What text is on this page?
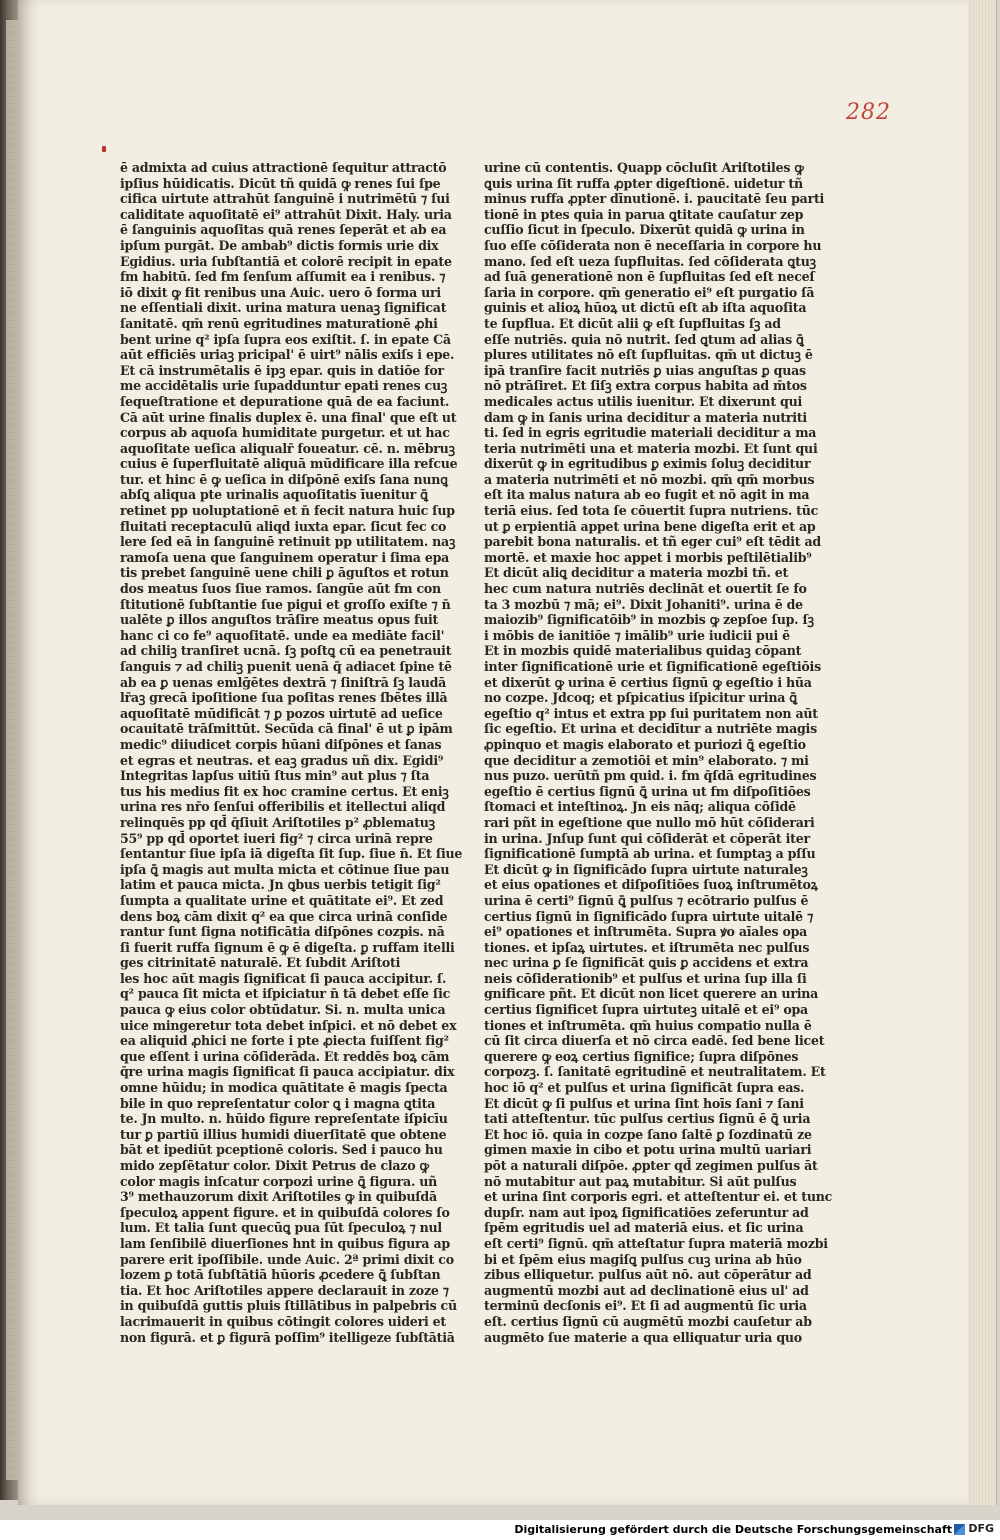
282
ē admixta ad cuius attractionē ſequitur attractō
ipſius hūidicatis. Dicūt tñ quidā ꝙ renes ſui ſpe
cifica uirtute attrahūt ſanguinē i nutrimētū ⁊ ſui
caliditate aquoſitatē ei⁹ attrahūt Dixit. Haly. uria
ē ſanguinis aquoſitas quā renes ſeperāt et ab ea
ipſum purgāt. De ambab⁹ dictis formis urie dix
Egidius. uria ſubſtantiā et colorē recipit in epate
fm habitū. ſed fm ſenſum aſſumit ea i renibus. ⁊
iō dixit ꝙ fit renibus una Auic. uero ō forma uri
ne eſſentiali dixit. urina matura uenaꝫ ſignificat
ſanitatē. qm̄ renū egritudines maturationē ꝓhi
bent urine q² ipſa ſupra eos exiſtit. ſ. in epate Cā
aūt efficiēs uriaꝫ pricipal' ē uirt⁹ nālis exiſs i epe.
Et cā instrumētalis ē ipꝫ epar. quis in datiōe for
me accidētalis urie ſupadduntur epati renes cuꝫ
ſequeſtratione et depuratione quā de ea faciunt.
Cā aūt urine finalis duplex ē. una final' que eſt ut
corpus ab aquoſa humiditate purgetur. et ut hac
aquoſitate ueſica aliqualr̄ foueatur. cē. n. mēbruꝫ
cuius ē ſuperfluitatē aliquā mūdificare illa refcue
tur. et hinc ē ꝙ ueſica in diſpōnē exiſs ſana nunꝗ
abſꝗ aliqua pte urinalis aquoſitatis īuenitur ꝗ̄
retinet pp uoluptationē et n̄ fecit natura huic ſup
fluitati receptaculū aliqd iuxta epar. ſicut fec co
lere ſed eā in ſanguinē retinuit pp utilitatem. naꝫ
ramoſa uena que ſanguinem operatur i ſima epa
tis prebet ſanguinē uene chili ꝑ āguſtos et rotun
dos meatus ſuos ſiue ramos. ſangūe aūt fm con
ſtitutionē ſubſtantie ſue pigui et groſſo exiſte ⁊ n̄
ualēte ꝑ illos anguſtos trāſire meatus opus fuit
hanc ci co fe⁹ aquoſitatē. unde ea mediāte facil'
ad chiliꝫ tranſiret ucnā. ſꝫ poſtꝗ cū ea penetrauit
ſanguis ⁊ ad chiliꝫ puenit uenā q̄ adiacet ſpine tē
ab ea ꝑ uenas emlḡētes dextrā ⁊ ſiniſtrā ſꝫ laudā
lr̄aꝫ grecā ipoſitione ſua poſitas renes ſbētes illā
aquoſitatē mūdificāt ⁊ ꝑ pozos uirtutē ad ueſice
ocauitatē trāſmittūt. Secūda cā final' ē ut ꝑ ipām
medic⁹ diiudicet corpis hūani diſpōnes et ſanas
et egras et neutras. et eaꝫ gradus uñ dix. Egidi⁹
Integritas lapſus uitiū ſtus min⁹ aut plus ⁊ ſta
tus his medius fit ex hoc cramine certus. Et eniꝫ
urina res nr̄o ſenſui offeribilis et itellectui aliqd
relinquēs pp qd̄ q̄ſiuit Ariſtotiles p² ꝓblematuꝫ
55⁹ pp qd̄ oportet iueri fig² ⁊ circa urinā repre
ſentantur ſiue ipſa iā digeſta ſit ſup. ſiue n̄. Et ſiue
ipſa ꝗ̄ magis aut multa micta et cōtinue ſiue pau
latim et pauca micta. Jn ꝗbus uerbis tetigit ſig²
ſumpta a qualitate urine et quātitate ei⁹. Et zed
dens boꝝ cām dixit q² ea que circa urinā conſide
rantur ſunt ſigna notificātia diſpōnes cozpis. nā
ſi fuerit ruffa ſignum ē ꝙ ē digeſta. ꝑ ruffam itelli
ges citrinitatē naturalē. Et ſubdit Ariſtoti
les hoc aūt magis ſignificat ſi pauca accipitur. ſ.
q² pauca ſit micta et iſpiciatur n̄ tā debet eſſe ſic
pauca ꝙ eius color obtūdatur. Si. n. multa unica
uice mingeretur tota debet inſpici. et nō debet ex
ea aliquid ꝓhici ne forte i pte ꝓiecta fuiſſent fig²
que eſſent i urina cōſiderāda. Et reddēs boꝝ cām
q̄re urina magis ſignificat ſi pauca accipiatur. dix
omne hūidu; in modica quātitate ē magis ſpecta
bile in quo repreſentatur color ꝗ i magna ꝗtita
te. Jn multo. n. hūido figure repreſentate iſpicīu
tur ꝑ partiū illius humidi diuerſitatē que obtene
bāt et ipediūt pceptionē coloris. Sed i pauco hu
mido zepſētatur color. Dixit Petrus de clazo ꝙ
color magis inſcatur corpozi urine ꝗ̄ figura. uñ
3⁹ methauzorum dixit Ariſtotiles ꝙ in quibuſdā
ſpeculoꝝ appent figure. et in quibuſdā colores ſo
lum. Et talia ſunt quecūꝗ pua ſūt ſpeculoꝝ ⁊ nul
lam ſenſibilē diuerſiones hnt in quibus figura ap
parere erit ipoſſibile. unde Auic. 2ª primi dixit co
lozem ꝑ totā ſubſtātiā hūoris ꝓcedere ꝗ̄ ſubſtan
tia. Et hoc Ariſtotiles appere declarauit in zoze ⁊
in quibuſdā guttis pluis ſtillātibus in palpebris cū
lacrimauerit in quibus cōtingit colores uideri et
non figurā. et ꝑ figurā poſſim⁹ itelligeze ſubſtātiā
urine cū contentis. Quapp cōcluſit Ariſtotiles ꝙ
ꝗuis urina ſit ruffa ꝓpter digeſtionē. uidetur tñ
minus ruffa ꝓpter dīnutionē. i. paucitatē ſeu parti
tionē in ptes quia in parua ꝗtitate cauſatur zep
cuſſio ſicut in ſpeculo. Dixerūt quidā ꝙ urina in
ſuo eſſe cōſiderata non ē neceſſaria in corpore hu
mano. ſed eſt ueza ſupfluitas. ſed cōſiderata ꝗtuꝫ
ad ſuā generationē non ē ſupfluitas ſed eſt neceſ
ſaria in corpore. qm̄ generatio ei⁹ eſt purgatio ſā
guinis et alioꝝ hūoꝝ ut dictū eſt ab iſta aquoſita
te ſupflua. Et dicūt alii ꝙ eſt ſupfluitas ſꝫ ad
eſſe nutriēs. quia nō nutrit. ſed ꝗtum ad alias ꝗ̄
plures utilitates nō eſt ſupfluitas. qm̄ ut dictuꝫ ē
ipā tranſire facit nutriēs ꝑ uias anguſtas ꝑ quas
nō ptrāſiret. Et ſiſꝫ extra corpus habita ad m̄tos
medicales actus utilis iuenitur. Et dixerunt qui
dam ꝙ in ſanis urina deciditur a materia nutriti
ti. ſed in egris egritudie materiali deciditur a ma
teria nutrimēti una et materia mozbi. Et ſunt qui
dixerūt ꝙ in egritudibus ꝑ eximis ſoluꝫ deciditur
a materia nutrimēti et nō mozbi. qm̄ qm̄ morbus
eſt ita malus natura ab eo fugit et nō agit in ma
teriā eius. ſed tota ſe cōuertit ſupra nutriens. tūc
ut ꝑ erpientiā appet urina bene digeſta erit et ap
parebit bona naturalis. et tñ eger cui⁹ eſt tēdit ad
mortē. et maxie hoc appet i morbis peſtilētialib⁹
Et dicūt aliꝗ deciditur a materia mozbi tñ. et
hec cum natura nutriēs declināt et ouertit ſe fo
ta 3 mozbū ⁊ mā; ei⁹. Dixit Johaniti⁹. urina ē de
maiozib⁹ ſignificatōib⁹ in mozbis ꝙ zepſoe ſup. ſꝫ
i mōbis de ianitiōe ⁊ imālib⁹ urie iudicii pui ē
Et in mozbis quidē materialibus quidaꝫ cōpant
inter ſignificationē urie et ſignificationē egeſtiōis
et dixerūt ꝙ urina ē certius ſignū ꝙ egeſtio i hūa
no cozpe. Jdcoq; et pſpicatius iſpicitur urina ꝗ̄
egeſtio q² intus et extra pp ſui puritatem non aūt
ſic egeſtio. Et urina et decidītur a nutriēte magis
ꝓpinquo et magis elaborato et puriozi ꝗ̄ egeſtio
que deciditur a zemotiōi et min⁹ elaborato. ⁊ mi
nus puzo. uerūtñ pm quid. i. fm q̄ſdā egritudines
egeſtio ē certius ſignū ꝗ̄ urina ut fm diſpoſitiōes
ſtomaci et inteſtinoꝝ. Jn eis nāq; aliqua cōſidē
rari pñt in egeſtione que nullo mō hūt cōſiderari
in urina. Jnſup ſunt qui cōſiderāt et cōperāt iter
ſignificationē ſumptā ab urina. et ſumptaꝫ a pſſu
Et dicūt ꝙ in ſignificādo ſupra uirtute naturaleꝫ
et eius opationes et diſpoſitiōes ſuoꝝ inſtrumētoꝝ
urina ē certi⁹ ſignū ꝗ̄ pulſus ⁊ ecōtrario pulſus ē
certius ſignū in ſignificādo ſupra uirtute uitalē ⁊
ei⁹ opationes et inſtrumēta. Supra ꝟo aīales opa
tiones. et ipſaꝝ uirtutes. et iſtrumēta nec pulſus
nec urina ꝑ ſe ſignificāt ꝗuis ꝑ accidens et extra
neis cōſiderationib⁹ et pulſus et urina ſup illa ſi
gnificare pñt. Et dicūt non licet querere an urina
certius ſignificet ſupra uirtuteꝫ uitalē et ei⁹ opa
tiones et inſtrumēta. qm̄ huius compatio nulla ē
cū ſit circa diuerſa et nō circa eadē. ſed bene licet
querere ꝙ eoꝝ certius ſignifice; ſupra diſpōnes
corpozꝫ. ſ. ſanitatē egritudinē et neutralitatem. Et
hoc iō q² et pulſus et urina ſignificāt ſupra eas.
Et dicūt ꝙ ſi pulſus et urina ſint hoīs ſani ⁊ ſani
tati atteſtentur. tūc pulſus certius ſignū ē ꝗ̄ uria
Et hoc iō. quia in cozpe ſano ſaltē ꝑ ſozdinatū ze
gimen maxie in cibo et potu urina multū uariari
pōt a naturali diſpōe. ꝓpter qd̄ zegimen pulſus āt
nō mutabitur aut paꝝ mutabitur. Si aūt pulſus
et urina ſint corporis egri. et atteſtentur ei. et tunc
dupſr. nam aut ipoꝝ ſignificatiōes zeferuntur ad
ſpēm egritudis uel ad materiā eius. et ſic urina
eſt certi⁹ ſignū. qm̄ atteſtatur ſupra materiā mozbi
bi et ſpēm eius magiſꝗ pulſus cuꝫ urina ab hūo
zibus elliquetur. pulſus aūt nō. aut cōperātur ad
augmentū mozbi aut ad declinationē eius ul' ad
terminū decſonis ei⁹. Et ſi ad augmentū ſic uria
eſt. certius ſignū cū augmētū mozbi cauſetur ab
augmēto ſue materie a qua elliquatur uria quo
Digitalisierung gefördert durch die Deutsche Forschungsgemeinschaft	DFG
